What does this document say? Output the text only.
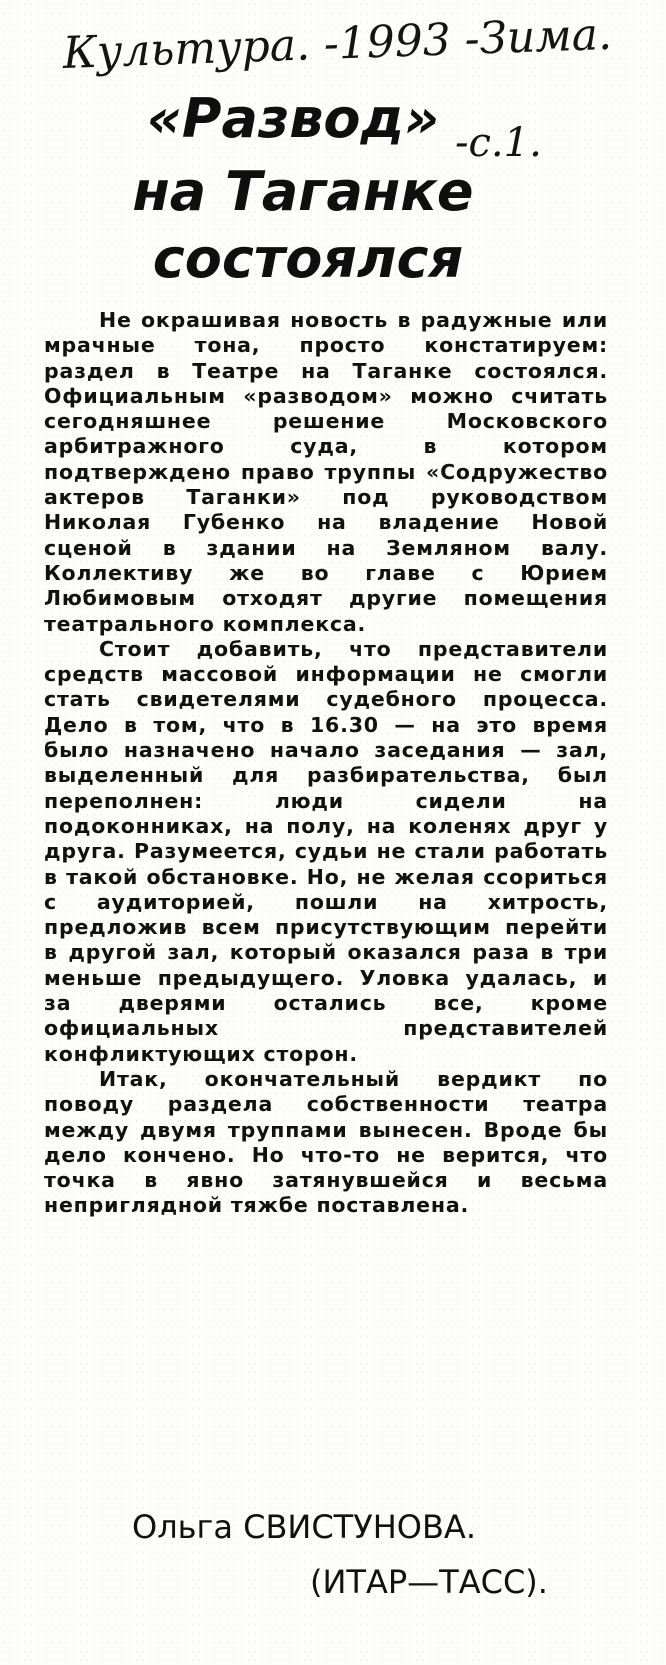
Культура. -1993 -Зима.
-с.1.
«Развод»
на Таганке
состоялся

Не окрашивая новость в радужные или мрачные тона, просто констатируем: раздел в Театре на Таганке состоялся. Официальным «разводом» можно считать сегодняшнее решение Московского арбитражного суда, в котором подтверждено право труппы «Содружество актеров Таганки» под руководством Николая Губенко на владение Новой сценой в здании на Земляном валу. Коллективу же во главе с Юрием Любимовым отходят другие помещения театрального комплекса.

Стоит добавить, что представители средств массовой информации не смогли стать свидетелями судебного процесса. Дело в том, что в 16.30 — на это время было назначено начало заседания — зал, выделенный для разбирательства, был переполнен: люди сидели на подоконниках, на полу, на коленях друг у друга. Разумеется, судьи не стали работать в такой обстановке. Но, не желая ссориться с аудиторией, пошли на хитрость, предложив всем присутствующим перейти в другой зал, который оказался раза в три меньше предыдущего. Уловка удалась, и за дверями остались все, кроме официальных представителей конфликтующих сторон.

Итак, окончательный вердикт по поводу раздела собственности театра между двумя труппами вынесен. Вроде бы дело кончено. Но что-то не верится, что точка в явно затянувшейся и весьма неприглядной тяжбе поставлена.

Ольга СВИСТУНОВА.
(ИТАР—ТАСС).
